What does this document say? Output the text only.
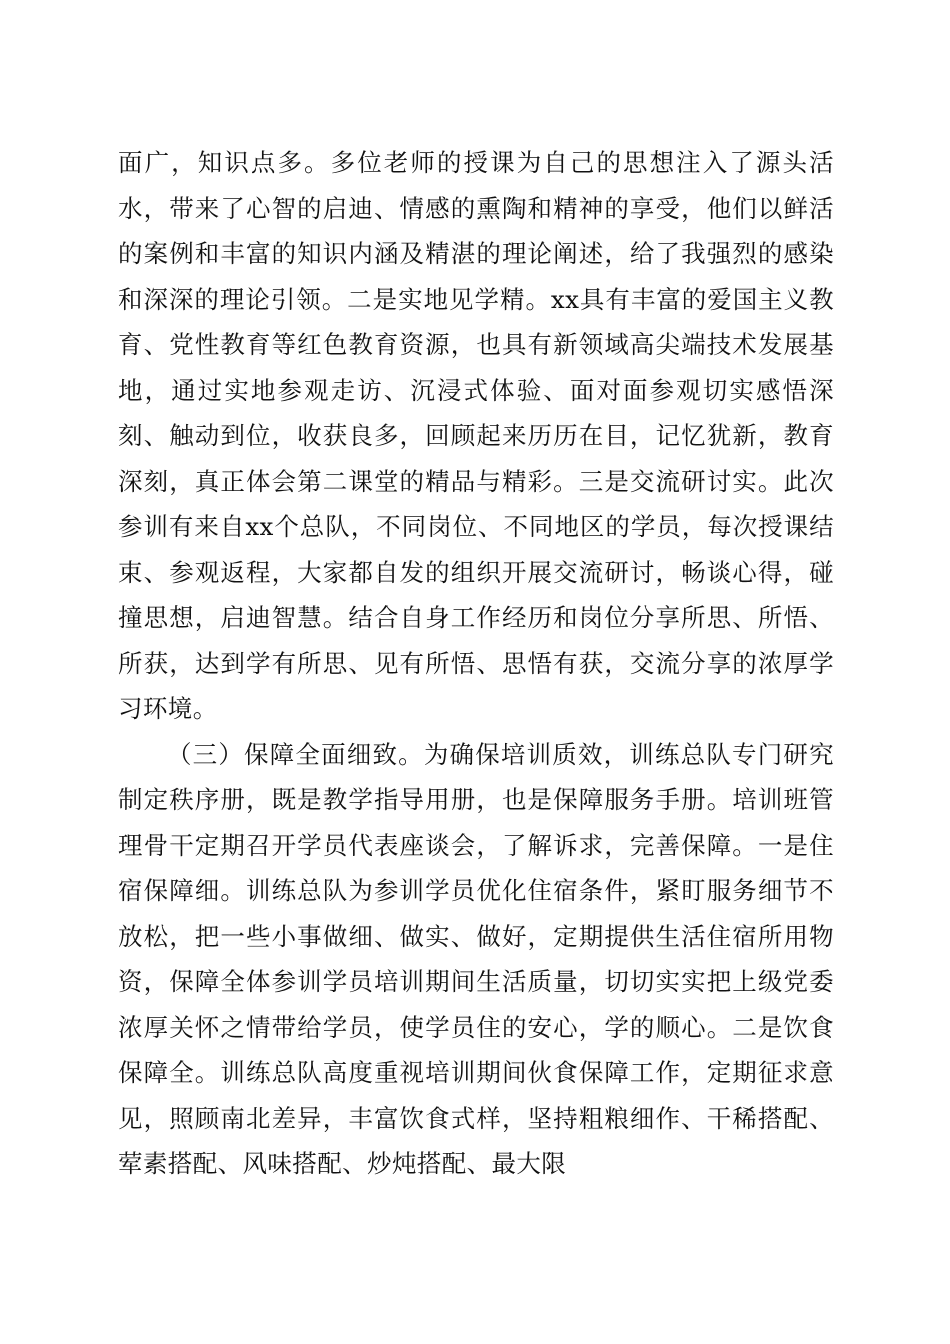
面广，知识点多。多位老师的授课为自己的思想注入了源头活水，带来了心智的启迪、情感的熏陶和精神的享受，他们以鲜活的案例和丰富的知识内涵及精湛的理论阐述，给了我强烈的感染和深深的理论引领。二是实地见学精。xx具有丰富的爱国主义教育、党性教育等红色教育资源，也具有新领域高尖端技术发展基地，通过实地参观走访、沉浸式体验、面对面参观切实感悟深刻、触动到位，收获良多，回顾起来历历在目，记忆犹新，教育深刻，真正体会第二课堂的精品与精彩。三是交流研讨实。此次参训有来自xx个总队，不同岗位、不同地区的学员，每次授课结束、参观返程，大家都自发的组织开展交流研讨，畅谈心得，碰撞思想，启迪智慧。结合自身工作经历和岗位分享所思、所悟、所获，达到学有所思、见有所悟、思悟有获，交流分享的浓厚学习环境。

（三）保障全面细致。为确保培训质效，训练总队专门研究制定秩序册，既是教学指导用册，也是保障服务手册。培训班管理骨干定期召开学员代表座谈会，了解诉求，完善保障。一是住宿保障细。训练总队为参训学员优化住宿条件，紧盯服务细节不放松，把一些小事做细、做实、做好，定期提供生活住宿所用物资，保障全体参训学员培训期间生活质量，切切实实把上级党委浓厚关怀之情带给学员，使学员住的安心，学的顺心。二是饮食保障全。训练总队高度重视培训期间伙食保障工作，定期征求意见，照顾南北差异，丰富饮食式样，坚持粗粮细作、干稀搭配、荤素搭配、风味搭配、炒炖搭配、最大限
